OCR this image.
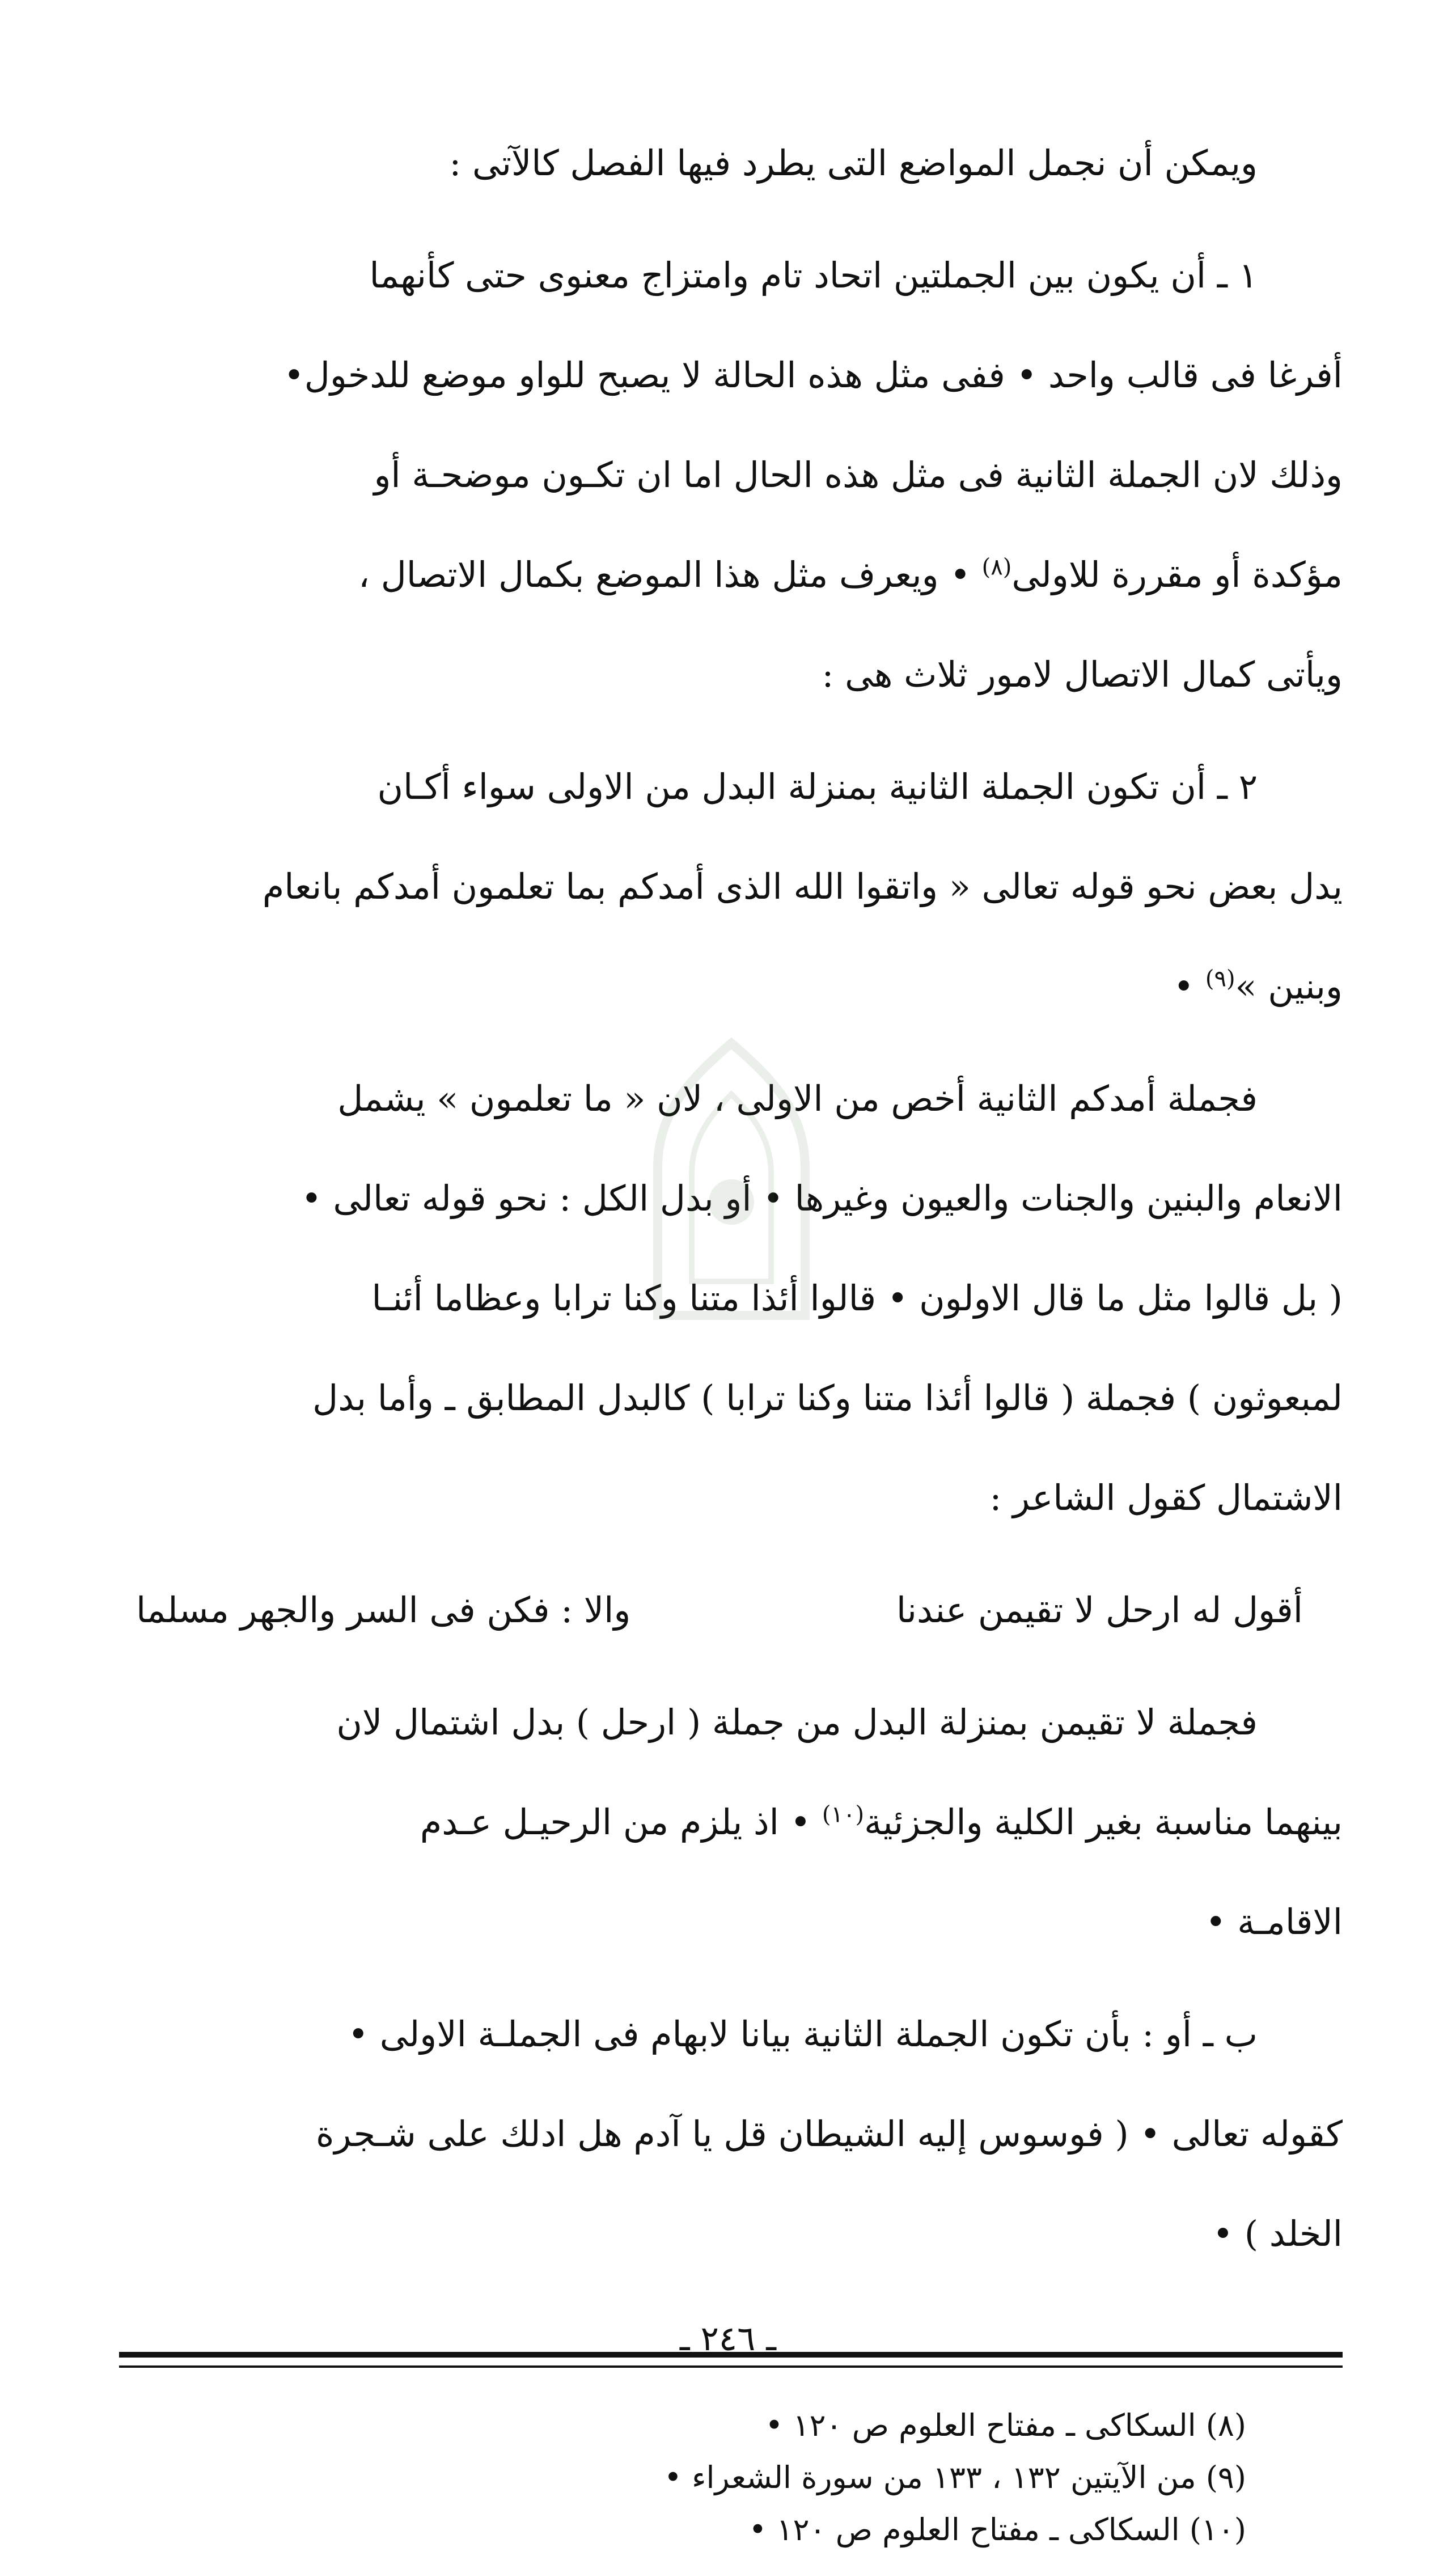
ويمكن أن نجمل المواضع التى يطرد فيها الفصل كالآتى :

١ ـ أن يكون بين الجملتين اتحاد تام وامتزاج معنوى حتى كأنهما
أفرغا فى قالب واحد • ففى مثل هذه الحالة لا يصبح للواو موضع للدخول•
وذلك لان الجملة الثانية فى مثل هذه الحال اما ان تكـون موضحـة أو
مؤكدة أو مقررة للاولى$^{(٨)}$ • ويعرف مثل هذا الموضع بكمال الاتصال ،
ويأتى كمال الاتصال لامور ثلاث هى :

٢ ـ أن تكون الجملة الثانية بمنزلة البدل من الاولى سواء أكـان
يدل بعض نحو قوله تعالى « واتقوا الله الذى أمدكم بما تعلمون أمدكم بانعام
وبنين »$^{(٩)}$ •

فجملة أمدكم الثانية أخص من الاولى ، لان « ما تعلمون » يشمل
الانعام والبنين والجنات والعيون وغيرها • أو بدل الكل : نحو قوله تعالى •
( بل قالوا مثل ما قال الاولون • قالوا أئذا متنا وكنا ترابا وعظاما أئنـا
لمبعوثون ) فجملة ( قالوا أئذا متنا وكنا ترابا ) كالبدل المطابق ـ وأما بدل
الاشتمال كقول الشاعر :

أقول له ارحل لا تقيمن عندنا
والا : فكن فى السر والجهر مسلما

فجملة لا تقيمن بمنزلة البدل من جملة ( ارحل ) بدل اشتمال لان
بينهما مناسبة بغير الكلية والجزئية$^{(١٠)}$ • اذ يلزم من الرحيـل عـدم
الاقامـة •

ب ـ أو : بأن تكون الجملة الثانية بيانا لابهام فى الجملـة الاولى •
كقوله تعالى • ( فوسوس إليه الشيطان قل يا آدم هل ادلك على شـجرة
الخلد ) •

(٨) السكاكى ـ مفتاح العلوم ص ١٢٠ •
(٩) من الآيتين ١٣٢ ، ١٣٣ من سورة الشعراء •
(١٠) السكاكى ـ مفتاح العلوم ص ١٢٠ •
ـ ٢٤٦ ـ
